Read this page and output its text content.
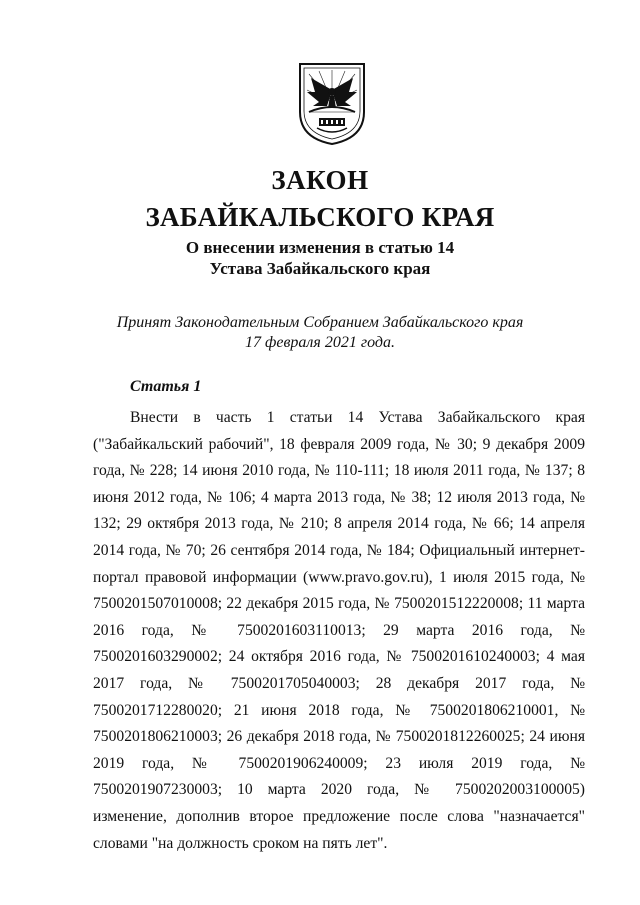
ЗАКОН
ЗАБАЙКАЛЬСКОГО КРАЯ
О внесении изменения в статью 14
Устава Забайкальского края
Принят Законодательным Собранием Забайкальского края
17 февраля 2021 года.
Статья 1

Внести в часть 1 статьи 14 Устава Забайкальского края ("Забайкальский рабочий", 18 февраля 2009 года, № 30; 9 декабря 2009 года, № 228; 14 июня 2010 года, № 110-111; 18 июля 2011 года, № 137; 8 июня 2012 года, № 106; 4 марта 2013 года, № 38; 12 июля 2013 года, № 132; 29 октября 2013 года, № 210; 8 апреля 2014 года, № 66; 14 апреля 2014 года, № 70; 26 сентября 2014 года, № 184; Официальный интернет-портал правовой информации (www.pravo.gov.ru), 1 июля 2015 года, № 7500201507010008; 22 декабря 2015 года, № 7500201512220008; 11 марта 2016 года, № 7500201603110013; 29 марта 2016 года, № 7500201603290002; 24 октября 2016 года, № 7500201610240003; 4 мая 2017 года, № 7500201705040003; 28 декабря 2017 года, № 7500201712280020; 21 июня 2018 года, № 7500201806210001, № 7500201806210003; 26 декабря 2018 года, № 7500201812260025; 24 июня 2019 года, № 7500201906240009; 23 июля 2019 года, № 7500201907230003; 10 марта 2020 года, № 7500202003100005) изменение, дополнив второе предложение после слова "назначается" словами "на должность сроком на пять лет".
